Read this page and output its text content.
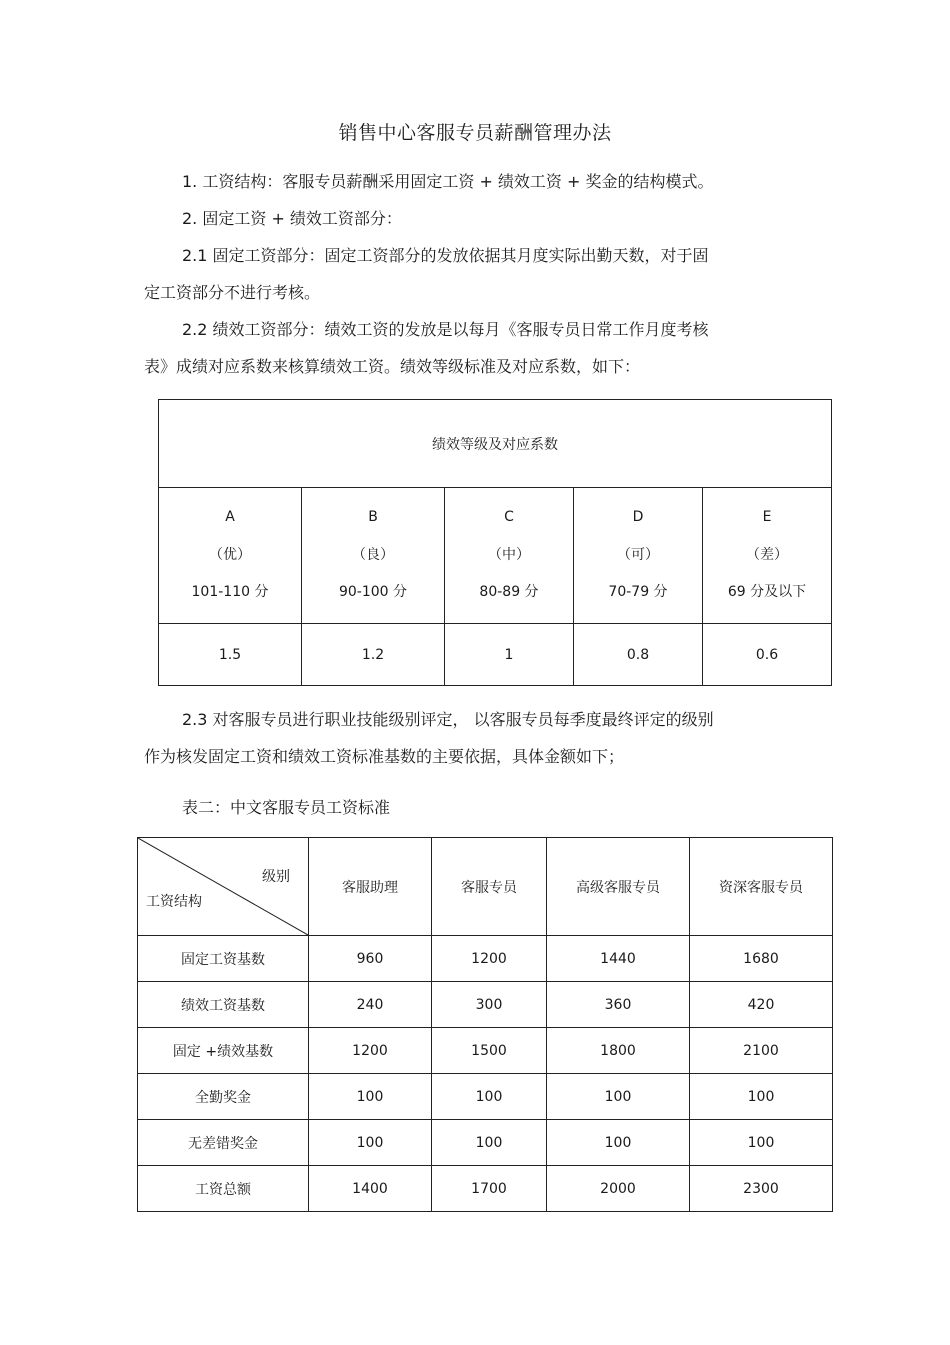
销售中心客服专员薪酬管理办法
1. 工资结构：客服专员薪酬采用固定工资 + 绩效工资 + 奖金的结构模式。
2. 固定工资 + 绩效工资部分：
2.1 固定工资部分：固定工资部分的发放依据其月度实际出勤天数，对于固
定工资部分不进行考核。
2.2 绩效工资部分：绩效工资的发放是以每月《客服专员日常工作月度考核
表》成绩对应系数来核算绩效工资。绩效等级标准及对应系数，如下：
绩效等级及对应系数				

A
（优）
101-110 分	B
（良）
90-100 分	C
（中）
80-89 分	D
（可）
70-79 分	E
（差）
69 分及以下

1.5	1.2	1	0.8	0.6
2.3 对客服专员进行职业技能级别评定， 以客服专员每季度最终评定的级别
作为核发固定工资和绩效工资标准基数的主要依据，具体金额如下；
表二：中文客服专员工资标准
级别
工资结构	客服助理	客服专员	高级客服专员	资深客服专员
固定工资基数	960	1200	1440	1680
绩效工资基数	240	300	360	420
固定 +绩效基数	1200	1500	1800	2100
全勤奖金	100	100	100	100
无差错奖金	100	100	100	100
工资总额	1400	1700	2000	2300
